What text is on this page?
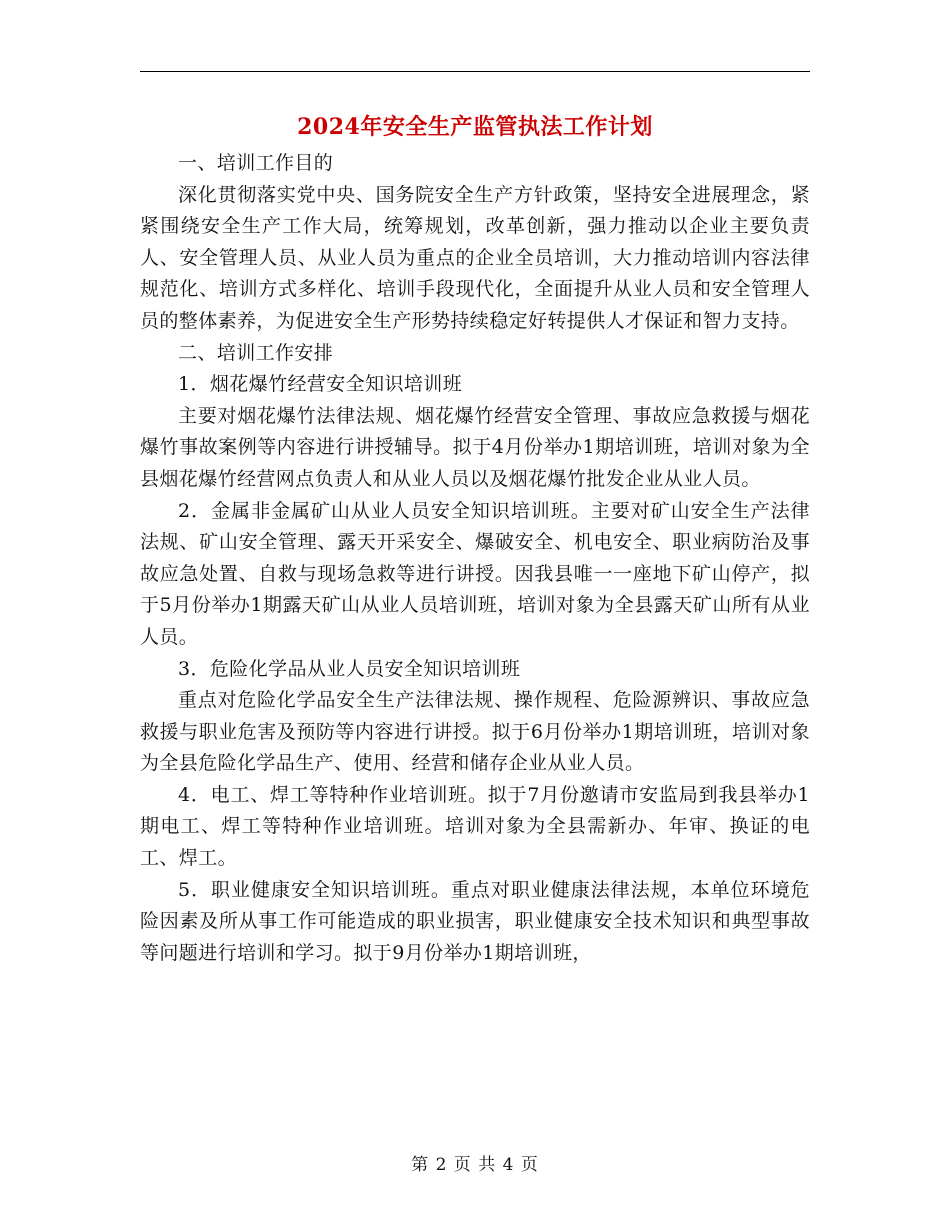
2024年安全生产监管执法工作计划

一、培训工作目的

深化贯彻落实党中央、国务院安全生产方针政策，坚持安全进展理念，紧紧围绕安全生产工作大局，统筹规划，改革创新，强力推动以企业主要负责人、安全管理人员、从业人员为重点的企业全员培训，大力推动培训内容法律规范化、培训方式多样化、培训手段现代化，全面提升从业人员和安全管理人员的整体素养，为促进安全生产形势持续稳定好转提供人才保证和智力支持。

二、培训工作安排

1．烟花爆竹经营安全知识培训班

主要对烟花爆竹法律法规、烟花爆竹经营安全管理、事故应急救援与烟花爆竹事故案例等内容进行讲授辅导。拟于4月份举办1期培训班，培训对象为全县烟花爆竹经营网点负责人和从业人员以及烟花爆竹批发企业从业人员。

2．金属非金属矿山从业人员安全知识培训班。主要对矿山安全生产法律法规、矿山安全管理、露天开采安全、爆破安全、机电安全、职业病防治及事故应急处置、自救与现场急救等进行讲授。因我县唯一一座地下矿山停产，拟于5月份举办1期露天矿山从业人员培训班，培训对象为全县露天矿山所有从业人员。

3．危险化学品从业人员安全知识培训班

重点对危险化学品安全生产法律法规、操作规程、危险源辨识、事故应急救援与职业危害及预防等内容进行讲授。拟于6月份举办1期培训班，培训对象为全县危险化学品生产、使用、经营和储存企业从业人员。

4．电工、焊工等特种作业培训班。拟于7月份邀请市安监局到我县举办1期电工、焊工等特种作业培训班。培训对象为全县需新办、年审、换证的电工、焊工。

5．职业健康安全知识培训班。重点对职业健康法律法规，本单位环境危险因素及所从事工作可能造成的职业损害，职业健康安全技术知识和典型事故等问题进行培训和学习。拟于9月份举办1期培训班，

第 2 页 共 4 页
